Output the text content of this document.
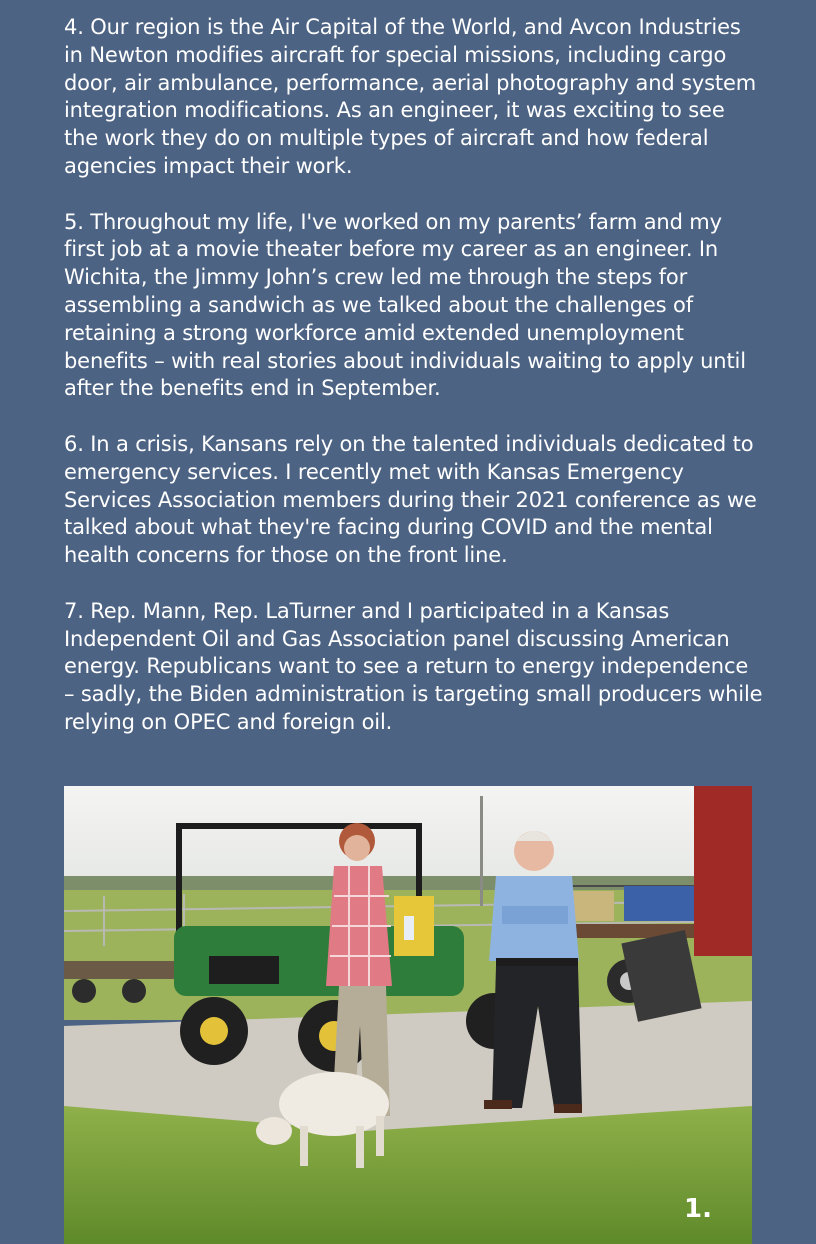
4. Our region is the Air Capital of the World, and Avcon Industries in Newton modifies aircraft for special missions, including cargo door, air ambulance, performance, aerial photography and system integration modifications. As an engineer, it was exciting to see the work they do on multiple types of aircraft and how federal agencies impact their work.

5. Throughout my life, I've worked on my parents’ farm and my first job at a movie theater before my career as an engineer. In Wichita, the Jimmy John’s crew led me through the steps for assembling a sandwich as we talked about the challenges of retaining a strong workforce amid extended unemployment benefits – with real stories about individuals waiting to apply until after the benefits end in September.

6. In a crisis, Kansans rely on the talented individuals dedicated to emergency services. I recently met with Kansas Emergency Services Association members during their 2021 conference as we talked about what they're facing during COVID and the mental health concerns for those on the front line.

7. Rep. Mann, Rep. LaTurner and I participated in a Kansas Independent Oil and Gas Association panel discussing American energy. Republicans want to see a return to energy independence – sadly, the Biden administration is targeting small producers while relying on OPEC and foreign oil.

1.
